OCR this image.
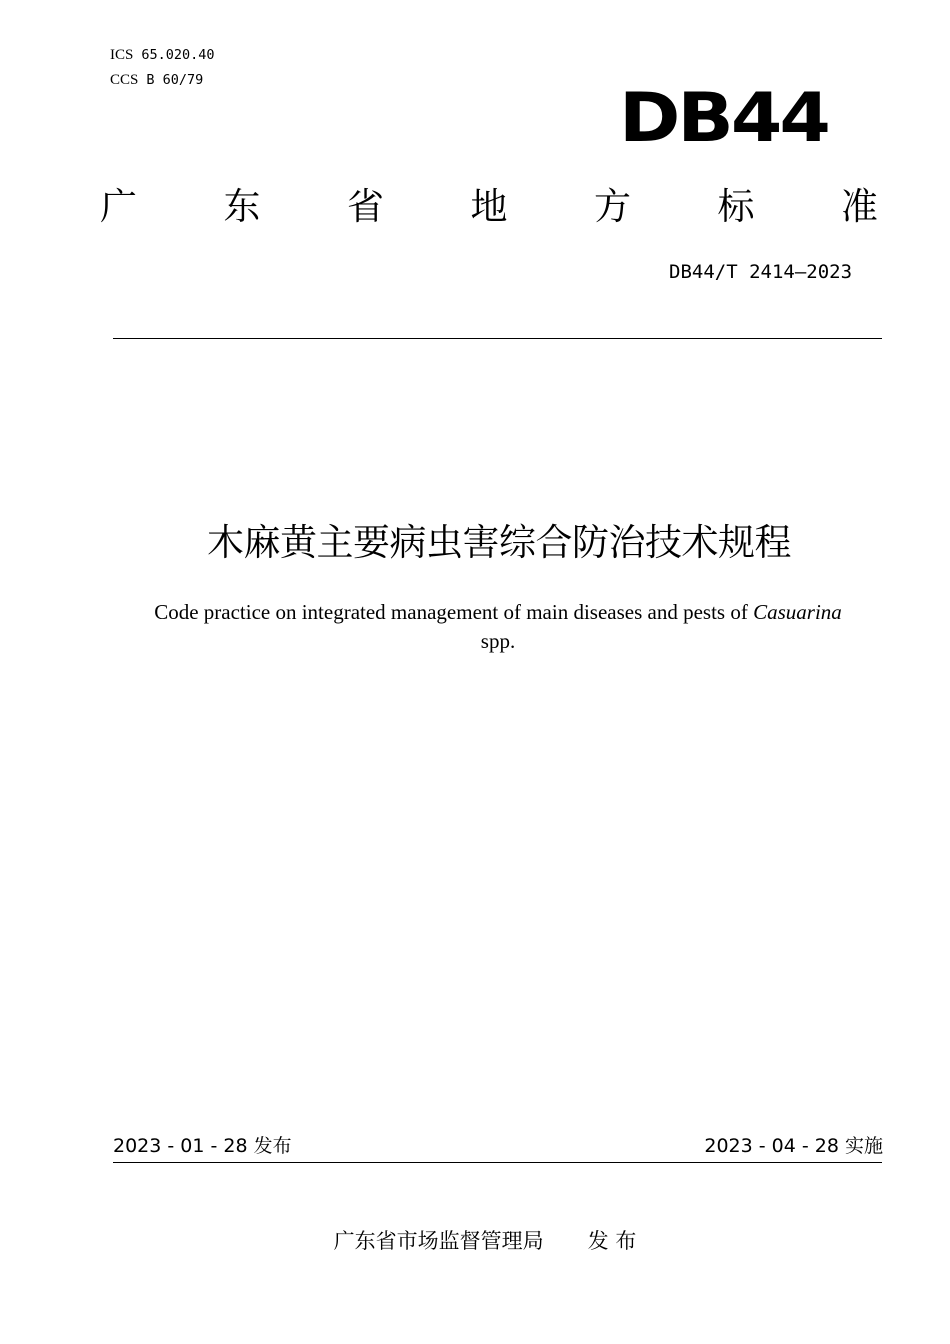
ICS 65.020.40
CCS B 60/79	DB44
广 东 省 地 方 标 准
DB44/T 2414—2023
木麻黄主要病虫害综合防治技术规程
Code practice on integrated management of main diseases and pests of Casuarina
spp.
2023 - 01 - 28 发布	2023 - 04 - 28 实施
广东省市场监督管理局 发 布
